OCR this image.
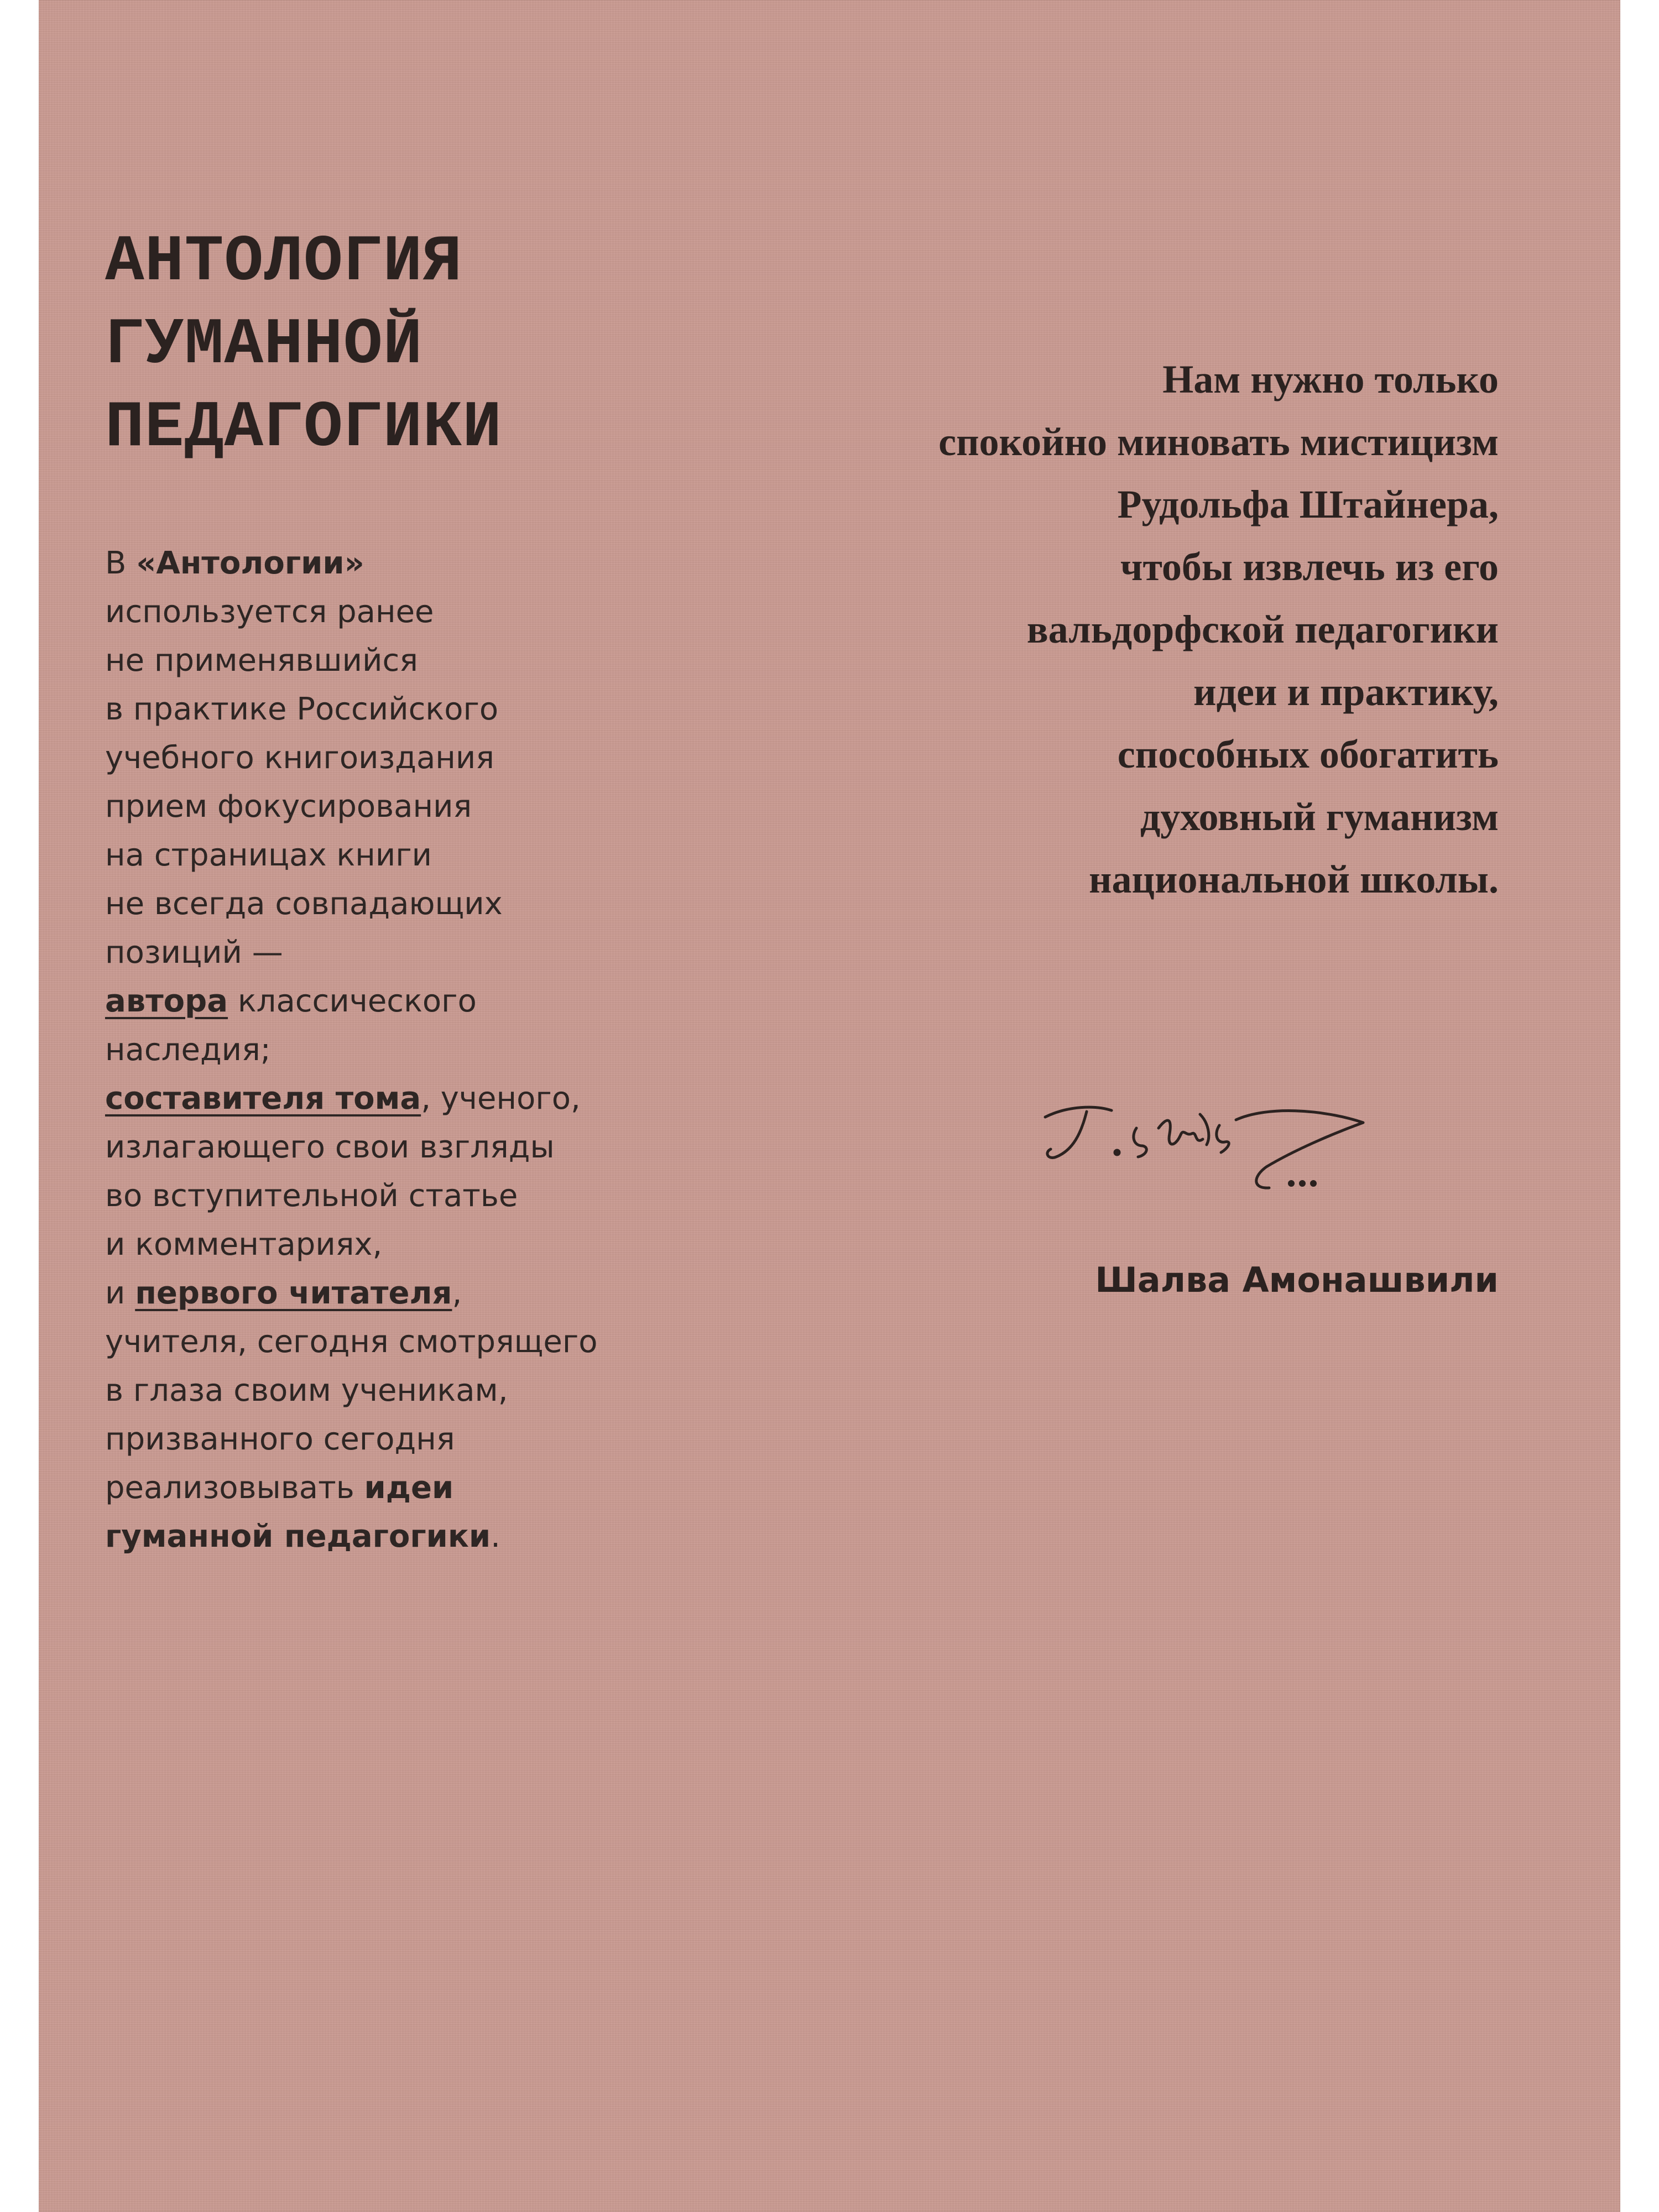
АНТОЛОГИЯ
ГУМАННОЙ
ПЕДАГОГИКИ
В «Антологии»
используется ранее
не применявшийся
в практике Российского
учебного книгоиздания
прием фокусирования
на страницах книги
не всегда совпадающих
позиций —
автора классического
наследия;
составителя тома, ученого,
излагающего свои взгляды
во вступительной статье
и комментариях,
и первого читателя,
учителя, сегодня смотрящего
в глаза своим ученикам,
призванного сегодня
реализовывать идеи
гуманной педагогики.
Нам нужно только
спокойно миновать мистицизм
Рудольфа Штайнера,
чтобы извлечь из его
вальдорфской педагогики
идеи и практику,
способных обогатить
духовный гуманизм
национальной школы.
Шалва Амонашвили
